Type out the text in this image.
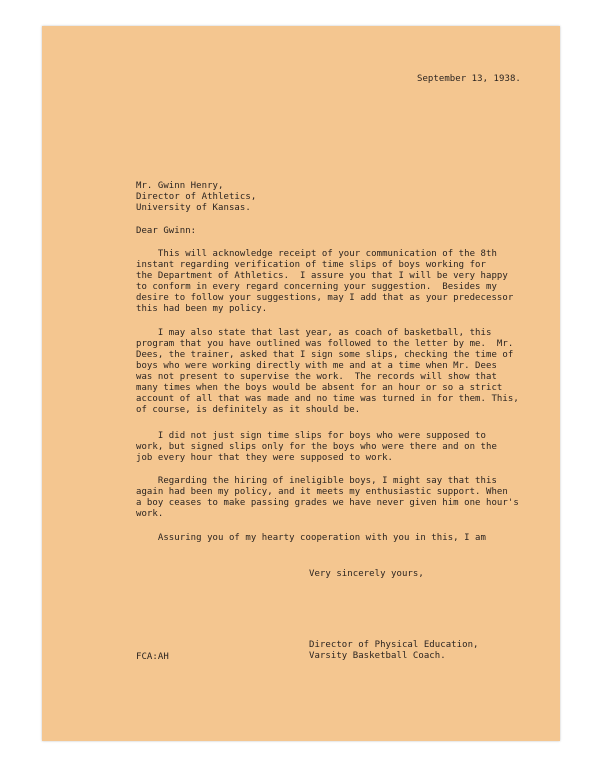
September 13, 1938.
Mr. Gwinn Henry,
Director of Athletics,
University of Kansas.
Dear Gwinn:
This will acknowledge receipt of your communication of the 8th
instant regarding verification of time slips of boys working for
the Department of Athletics.  I assure you that I will be very happy
to conform in every regard concerning your suggestion.  Besides my
desire to follow your suggestions, may I add that as your predecessor
this had been my policy.
I may also state that last year, as coach of basketball, this
program that you have outlined was followed to the letter by me.  Mr.
Dees, the trainer, asked that I sign some slips, checking the time of
boys who were working directly with me and at a time when Mr. Dees
was not present to supervise the work.  The records will show that
many times when the boys would be absent for an hour or so a strict
account of all that was made and no time was turned in for them. This,
of course, is definitely as it should be.
I did not just sign time slips for boys who were supposed to
work, but signed slips only for the boys who were there and on the
job every hour that they were supposed to work.
Regarding the hiring of ineligible boys, I might say that this
again had been my policy, and it meets my enthusiastic support. When
a boy ceases to make passing grades we have never given him one hour's
work.
Assuring you of my hearty cooperation with you in this, I am
Very sincerely yours,
Director of Physical Education,
FCA:AH	Varsity Basketball Coach.
